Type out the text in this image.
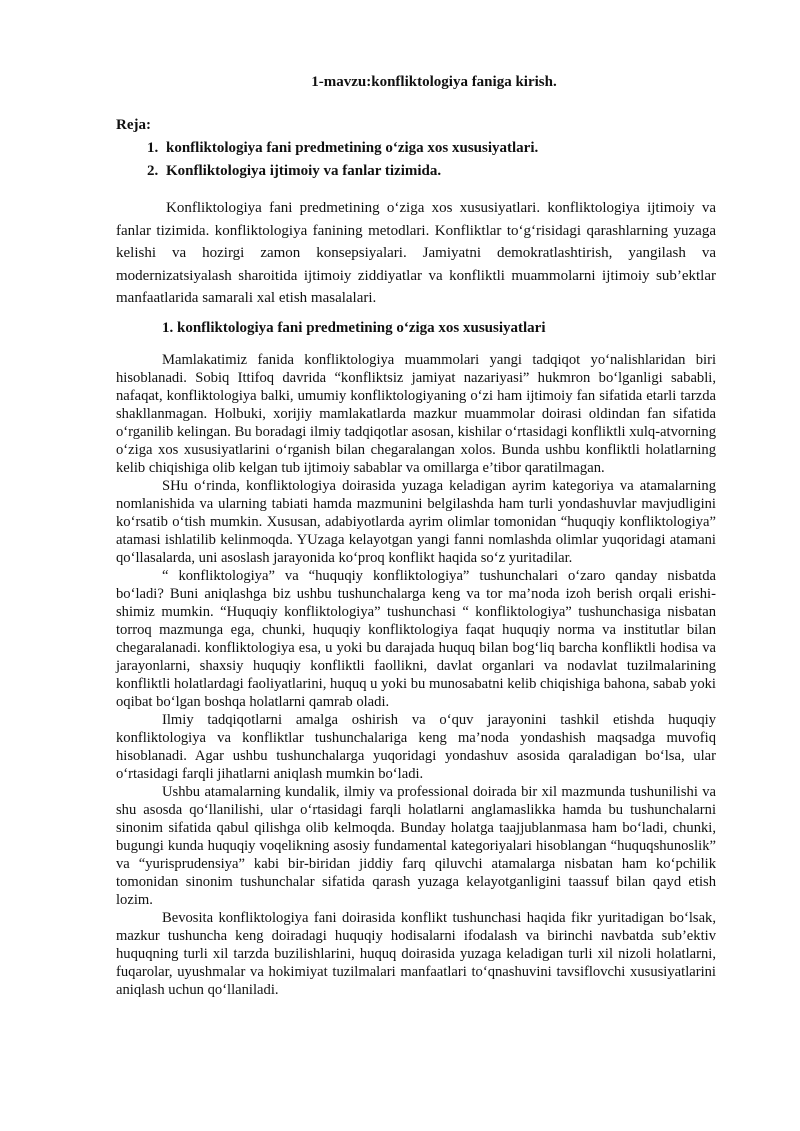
1-mavzu:konfliktologiya faniga kirish.
Reja:
1. konfliktologiya fani predmetining o‘ziga xos xususiyatlari.
2. Konfliktologiya ijtimoiy va fanlar tizimida.

Konfliktologiya fani predmetining o‘ziga xos xususiyatlari. konfliktologiya ijtimoiy va fanlar tizimida. konfliktologiya fanining metodlari. Konfliktlar to‘g‘risidagi qarashlarning yuzaga kelishi va hozirgi zamon konsepsiyalari. Jamiyatni demokratlashtirish, yangilash va modernizatsiyalash sharoitida ijtimoiy ziddiyatlar va konfliktli muammolarni ijtimoiy sub’ektlar manfaatlarida samarali xal etish masalalari.

1. konfliktologiya fani predmetining o‘ziga xos xususiyatlari

Mamlakatimiz fanida konfliktologiya muammolari yangi tadqiqot yo‘nalishlaridan biri hisoblanadi. Sobiq Ittifoq davrida “konfliktsiz jamiyat nazariyasi” hukmron bo‘lganligi sababli, nafaqat, konfliktologiya balki, umumiy konfliktologiyaning o‘zi ham ijtimoiy fan sifatida etarli tarzda shakllanmagan. Holbuki, xorijiy mamlakatlarda mazkur muammolar doirasi oldindan fan sifatida o‘rganilib kelingan. Bu boradagi ilmiy tadqiqotlar asosan, kishilar o‘rtasidagi konfliktli xulq-atvorning o‘ziga xos xususiyatlarini o‘rganish bilan chegaralangan xolos. Bunda ushbu konfliktli holatlarning kelib chiqishiga olib kelgan tub ijtimoiy sabablar va omillarga e’tibor qaratilmagan.

SHu o‘rinda, konfliktologiya doirasida yuzaga keladigan ayrim kategoriya va atamalarning nomlanishida va ularning tabiati hamda mazmunini belgilashda ham turli yondashuvlar mavjudligini ko‘rsatib o‘tish mumkin. Xususan, adabiyotlarda ayrim olimlar tomonidan “huquqiy konfliktologiya” atamasi ishlatilib kelinmoqda. YUzaga kelayotgan yangi fanni nomlashda olimlar yuqoridagi atamani qo‘llasalarda, uni asoslash jarayonida ko‘proq konflikt haqida so‘z yuritadilar.

“ konfliktologiya” va “huquqiy konfliktologiya” tushunchalari o‘zaro qanday nisbatda bo‘ladi? Buni aniqlashga biz ushbu tushunchalarga keng va tor ma’noda izoh berish orqali erishishimiz mumkin. “Huquqiy konfliktologiya” tushunchasi “ konfliktologiya” tushunchasiga nisbatan torroq mazmunga ega, chunki, huquqiy konfliktologiya faqat huquqiy norma va institutlar bilan chegaralanadi. konfliktologiya esa, u yoki bu darajada huquq bilan bog‘liq barcha konfliktli hodisa va jarayonlarni, shaxsiy huquqiy konfliktli faollikni, davlat organlari va nodavlat tuzilmalarining konfliktli holatlardagi faoliyatlarini, huquq u yoki bu munosabatni kelib chiqishiga bahona, sabab yoki oqibat bo‘lgan boshqa holatlarni qamrab oladi.

Ilmiy tadqiqotlarni amalga oshirish va o‘quv jarayonini tashkil etishda huquqiy konfliktologiya va konfliktlar tushunchalariga keng ma’noda yondashish maqsadga muvofiq hisoblanadi. Agar ushbu tushunchalarga yuqoridagi yondashuv asosida qaraladigan bo‘lsa, ular o‘rtasidagi farqli jihatlarni aniqlash mumkin bo‘ladi.

Ushbu atamalarning kundalik, ilmiy va professional doirada bir xil mazmunda tushunilishi va shu asosda qo‘llanilishi, ular o‘rtasidagi farqli holatlarni anglamaslikka hamda bu tushunchalarni sinonim sifatida qabul qilishga olib kelmoqda. Bunday holatga taajjublanmasa ham bo‘ladi, chunki, bugungi kunda huquqiy voqelikning asosiy fundamental kategoriyalari hisoblangan “huquqshunoslik” va “yurisprudensiya” kabi bir-biridan jiddiy farq qiluvchi atamalarga nisbatan ham ko‘pchilik tomonidan sinonim tushunchalar sifatida qarash yuzaga kelayotganligini taassuf bilan qayd etish lozim.

Bevosita konfliktologiya fani doirasida konflikt tushunchasi haqida fikr yuritadigan bo‘lsak, mazkur tushuncha keng doiradagi huquqiy hodisalarni ifodalash va birinchi navbatda sub’ektiv huquqning turli xil tarzda buzilishlarini, huquq doirasida yuzaga keladigan turli xil nizoli holatlarni, fuqarolar, uyushmalar va hokimiyat tuzilmalari manfaatlari to‘qnashuvini tavsiflovchi xususiyatlarini aniqlash uchun qo‘llaniladi.
